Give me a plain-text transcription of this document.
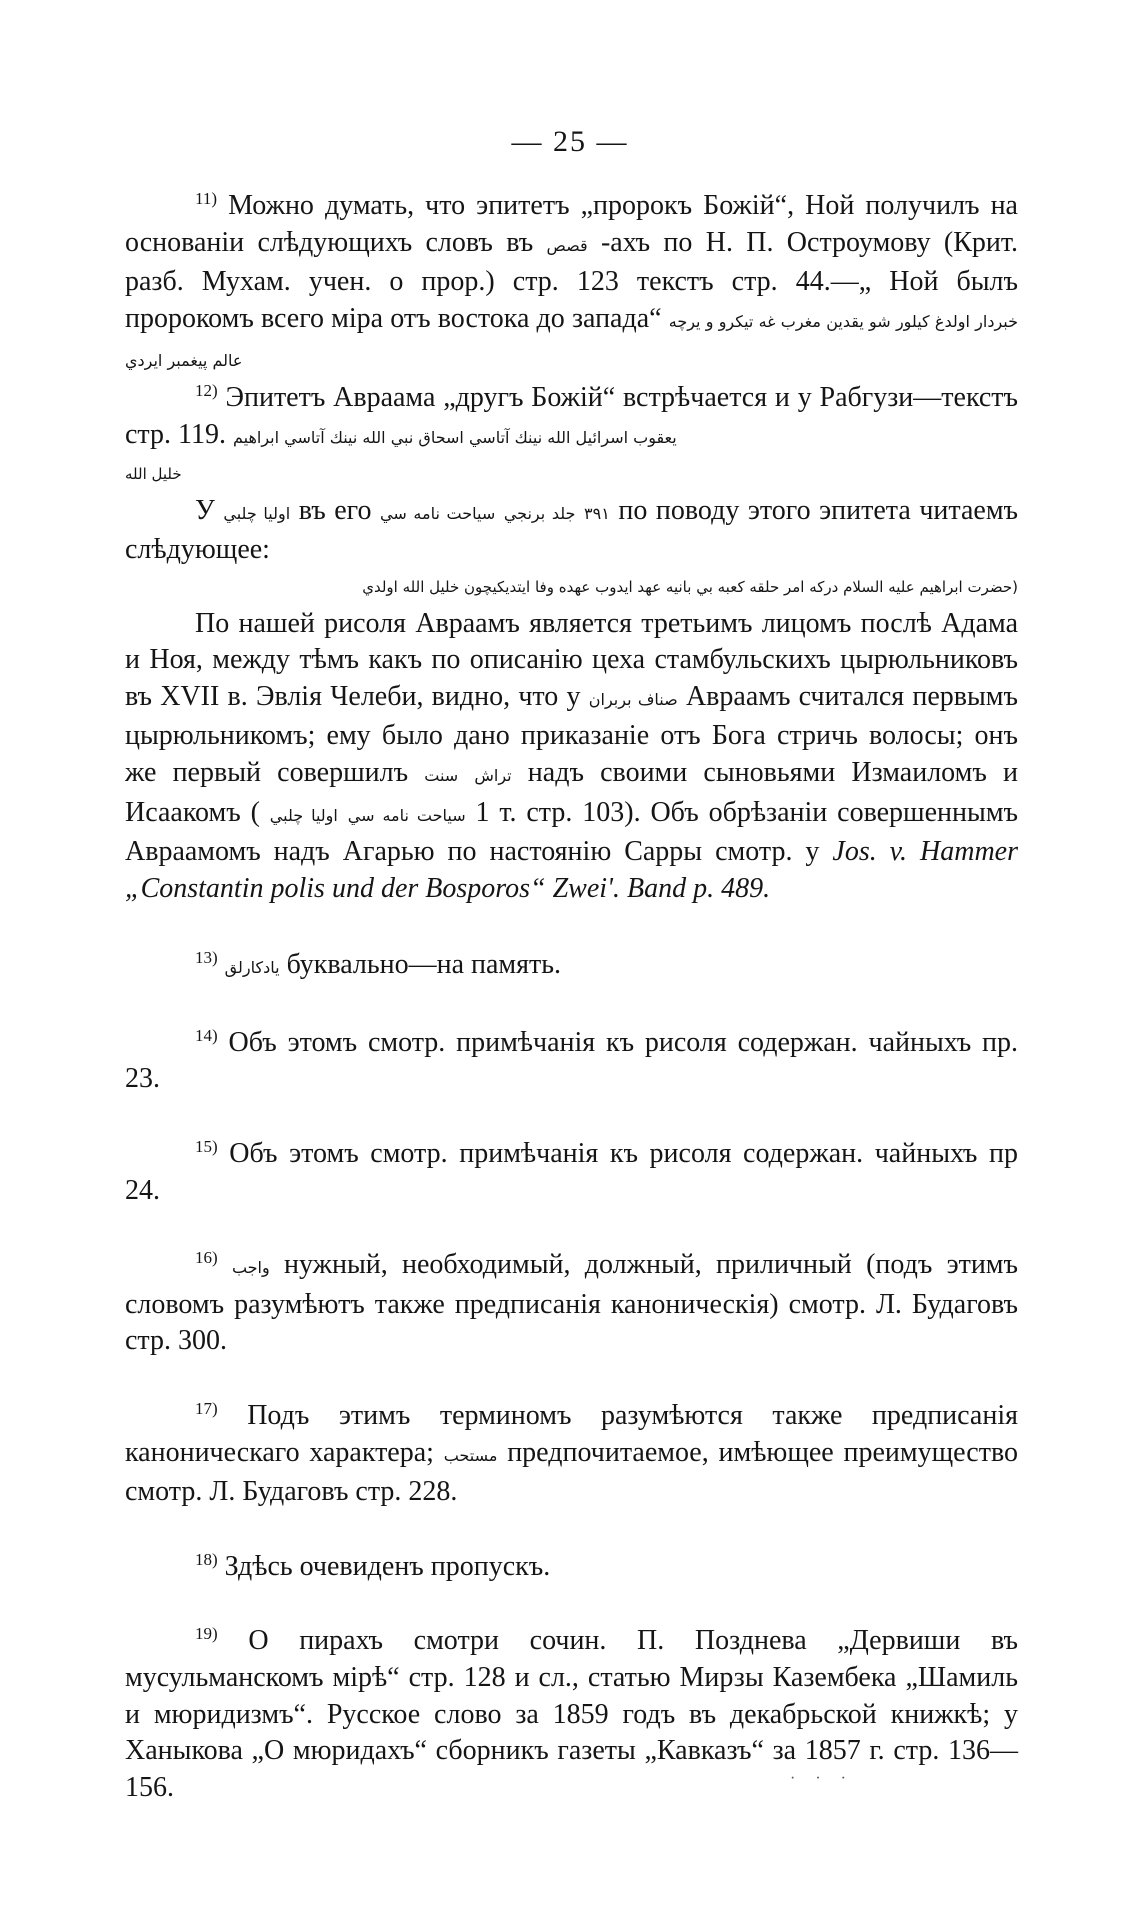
— 25 —

$^{11)}$ Можно думать, что эпитетъ „пророкъ Божій“, Ной получилъ на основаніи слѣдующихъ словъ въ قصص -ахъ по Н. П. Остроумову (Крит. разб. Мухам. учен. о прор.) стр. 123 текстъ стр. 44.—„ Ной былъ пророкомъ всего міра отъ востока до запада“ خبردار اولدغ كيلور شو يقدين مغرب غه تيكرو و يرچه عالم پيغمبر ايردي

$^{12)}$ Эпитетъ Авраама „другъ Божій“ встрѣчается и у Рабгузи—текстъ стр. 119. يعقوب اسرائيل الله نينك آتاسي اسحاق نبي الله نينك آتاسي ابراهيم

خليل الله

У اوليا چلبي въ его سياحت نامه سي جلد برنجي ٣٩١ по поводу этого эпитета читаемъ слѣдующее:

(حضرت ابراهيم عليه السلام دركه امر حلقه كعبه بي بانيه عهد ايدوب عهده وفا ايتديكيچون خليل الله اولدي

По нашей рисоля Авраамъ является третьимъ лицомъ послѣ Адама и Ноя, между тѣмъ какъ по описанію цеха стамбульскихъ цырюльниковъ въ XVII в. Эвлія Челеби, видно, что у صناف بربران Авраамъ считался первымъ цырюльникомъ; ему было дано приказаніе отъ Бога стричь волосы; онъ же первый совершилъ سنت تراش надъ своими сыновьями Измаиломъ и Исаакомъ ( اوليا چلبي سياحت نامه سي 1 т. стр. 103). Объ обрѣзаніи совершеннымъ Авраамомъ надъ Агарью по настоянію Сарры смотр. у Jos. v. Hammer „Constantin polis und der Bosporos“ Zwei'. Band p. 489.

$^{13)}$ يادكارلق буквально—на память.

$^{14)}$ Объ этомъ смотр. примѣчанія къ рисоля содержан. чайныхъ пр. 23.

$^{15)}$ Объ этомъ смотр. примѣчанія къ рисоля содержан. чайныхъ пр 24.

$^{16)}$ واجب нужный, необходимый, должный, приличный (подъ этимъ словомъ разумѣютъ также предписанія каноническія) смотр. Л. Будаговъ стр. 300.

$^{17)}$ Подъ этимъ терминомъ разумѣются также предписанія каноническаго характера; مستحب предпочитаемое, имѣющее преимущество смотр. Л. Будаговъ стр. 228.

$^{18)}$ Здѣсь очевиденъ пропускъ.

$^{19)}$ О пирахъ смотри сочин. П. Позднева „Дервиши въ мусульманскомъ мірѣ“ стр. 128 и сл., статью Мирзы Казембека „Шамиль и мюридизмъ“. Русское слово за 1859 годъ въ декабрьской книжкѣ; у Ханыкова „О мюридахъ“ сборникъ газеты „Кавказъ“ за 1857 г. стр. 136—156.	· · ·
